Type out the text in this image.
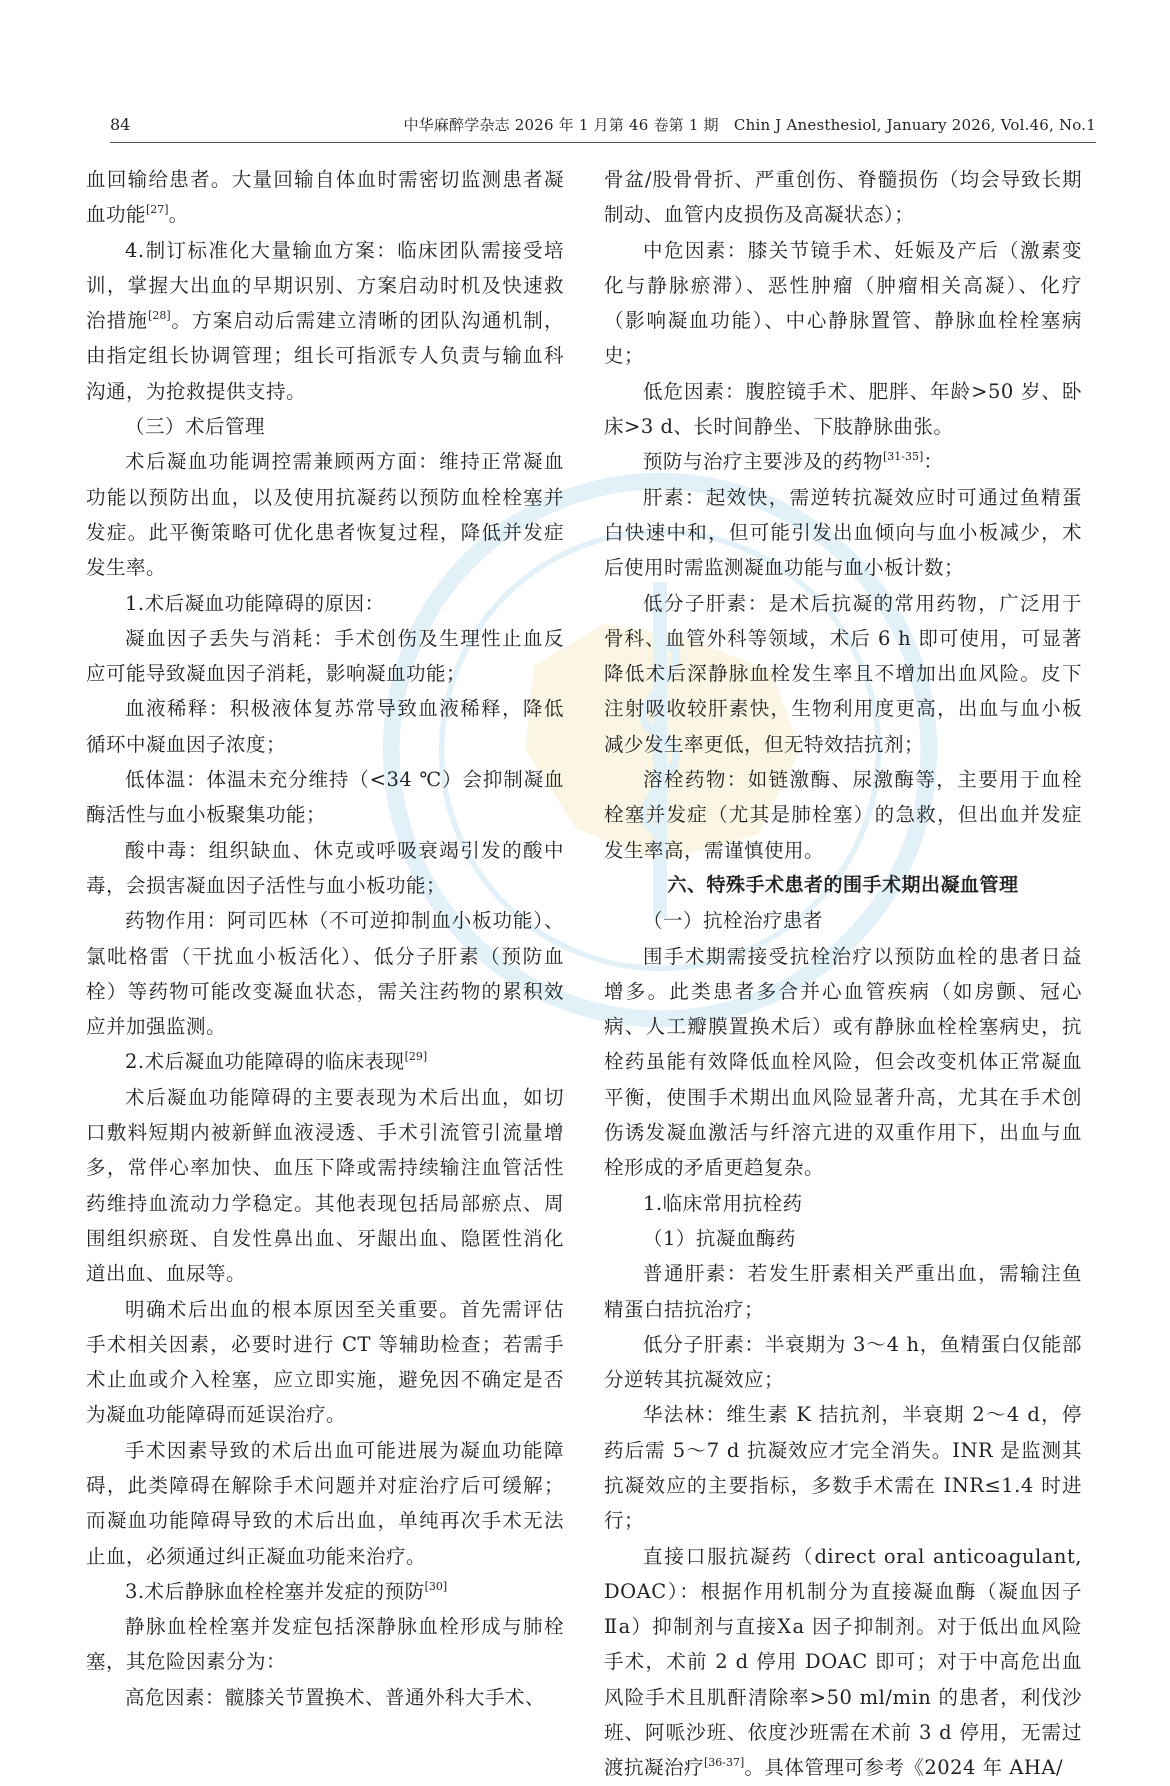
84	中华麻醉学杂志 2026 年 1 月第 46 卷第 1 期　Chin J Anesthesiol, January 2026, Vol.46, No.1

血回输给患者。大量回输自体血时需密切监测患者凝血功能[27]。

4.制订标准化大量输血方案：临床团队需接受培训，掌握大出血的早期识别、方案启动时机及快速救治措施[28]。方案启动后需建立清晰的团队沟通机制，由指定组长协调管理；组长可指派专人负责与输血科沟通，为抢救提供支持。

（三）术后管理

术后凝血功能调控需兼顾两方面：维持正常凝血功能以预防出血，以及使用抗凝药以预防血栓栓塞并发症。此平衡策略可优化患者恢复过程，降低并发症发生率。

1.术后凝血功能障碍的原因：

凝血因子丢失与消耗：手术创伤及生理性止血反应可能导致凝血因子消耗，影响凝血功能；

血液稀释：积极液体复苏常导致血液稀释，降低循环中凝血因子浓度；

低体温：体温未充分维持（<34 ℃）会抑制凝血酶活性与血小板聚集功能；

酸中毒：组织缺血、休克或呼吸衰竭引发的酸中毒，会损害凝血因子活性与血小板功能；

药物作用：阿司匹林（不可逆抑制血小板功能）、氯吡格雷（干扰血小板活化）、低分子肝素（预防血栓）等药物可能改变凝血状态，需关注药物的累积效应并加强监测。

2.术后凝血功能障碍的临床表现[29]

术后凝血功能障碍的主要表现为术后出血，如切口敷料短期内被新鲜血液浸透、手术引流管引流量增多，常伴心率加快、血压下降或需持续输注血管活性药维持血流动力学稳定。其他表现包括局部瘀点、周围组织瘀斑、自发性鼻出血、牙龈出血、隐匿性消化道出血、血尿等。

明确术后出血的根本原因至关重要。首先需评估手术相关因素，必要时进行 CT 等辅助检查；若需手术止血或介入栓塞，应立即实施，避免因不确定是否为凝血功能障碍而延误治疗。

手术因素导致的术后出血可能进展为凝血功能障碍，此类障碍在解除手术问题并对症治疗后可缓解；而凝血功能障碍导致的术后出血，单纯再次手术无法止血，必须通过纠正凝血功能来治疗。

3.术后静脉血栓栓塞并发症的预防[30]

静脉血栓栓塞并发症包括深静脉血栓形成与肺栓塞，其危险因素分为：

高危因素：髋膝关节置换术、普通外科大手术、

骨盆/股骨骨折、严重创伤、脊髓损伤（均会导致长期制动、血管内皮损伤及高凝状态）；

中危因素：膝关节镜手术、妊娠及产后（激素变化与静脉瘀滞）、恶性肿瘤（肿瘤相关高凝）、化疗（影响凝血功能）、中心静脉置管、静脉血栓栓塞病史；

低危因素：腹腔镜手术、肥胖、年龄>50 岁、卧床>3 d、长时间静坐、下肢静脉曲张。

预防与治疗主要涉及的药物[31-35]：

肝素：起效快，需逆转抗凝效应时可通过鱼精蛋白快速中和，但可能引发出血倾向与血小板减少，术后使用时需监测凝血功能与血小板计数；

低分子肝素：是术后抗凝的常用药物，广泛用于骨科、血管外科等领域，术后 6 h 即可使用，可显著降低术后深静脉血栓发生率且不增加出血风险。皮下注射吸收较肝素快，生物利用度更高，出血与血小板减少发生率更低，但无特效拮抗剂；

溶栓药物：如链激酶、尿激酶等，主要用于血栓栓塞并发症（尤其是肺栓塞）的急救，但出血并发症发生率高，需谨慎使用。

六、特殊手术患者的围手术期出凝血管理

（一）抗栓治疗患者

围手术期需接受抗栓治疗以预防血栓的患者日益增多。此类患者多合并心血管疾病（如房颤、冠心病、人工瓣膜置换术后）或有静脉血栓栓塞病史，抗栓药虽能有效降低血栓风险，但会改变机体正常凝血平衡，使围手术期出血风险显著升高，尤其在手术创伤诱发凝血激活与纤溶亢进的双重作用下，出血与血栓形成的矛盾更趋复杂。

1.临床常用抗栓药

（1）抗凝血酶药

普通肝素：若发生肝素相关严重出血，需输注鱼精蛋白拮抗治疗；

低分子肝素：半衰期为 3～4 h，鱼精蛋白仅能部分逆转其抗凝效应；

华法林：维生素 K 拮抗剂，半衰期 2～4 d，停药后需 5～7 d 抗凝效应才完全消失。INR 是监测其抗凝效应的主要指标，多数手术需在 INR≤1.4 时进行；

直接口服抗凝药（direct oral anticoagulant, DOAC）：根据作用机制分为直接凝血酶（凝血因子Ⅱa）抑制剂与直接Ⅹa 因子抑制剂。对于低出血风险手术，术前 2 d 停用 DOAC 即可；对于中高危出血风险手术且肌酐清除率>50 ml/min 的患者，利伐沙班、阿哌沙班、依度沙班需在术前 3 d 停用，无需过渡抗凝治疗[36-37]。具体管理可参考《2024 年 AHA/
